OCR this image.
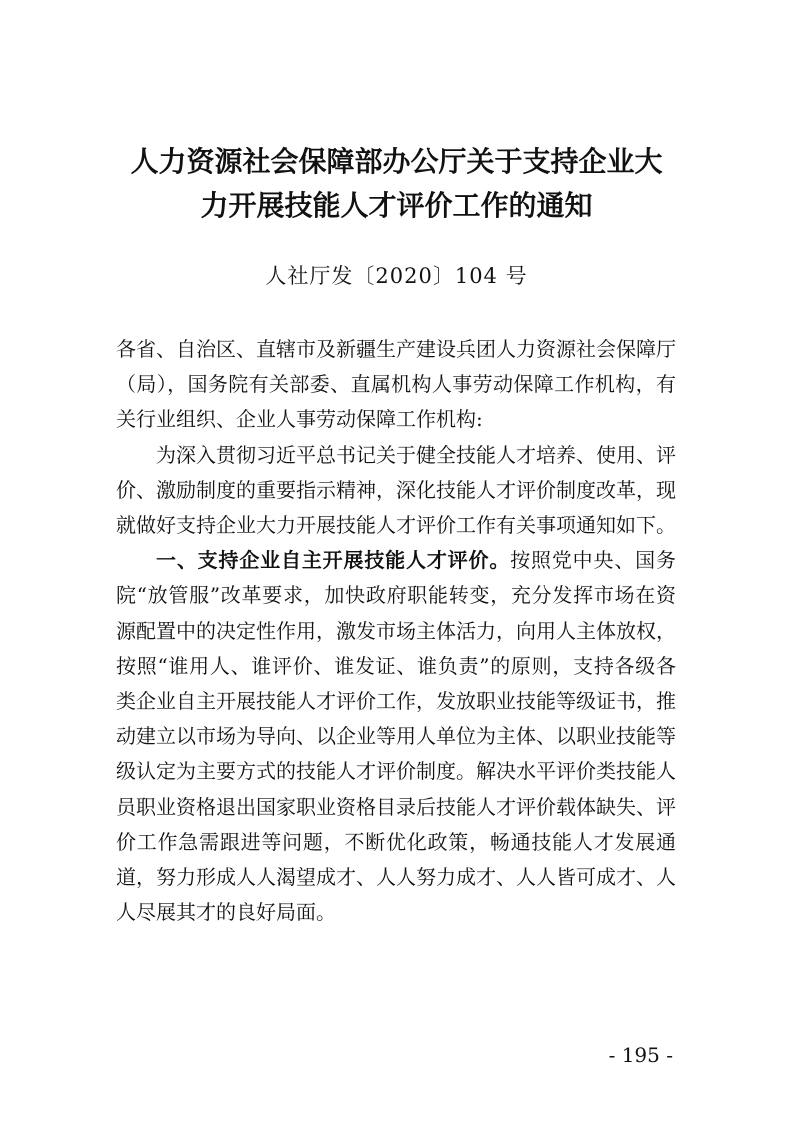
人力资源社会保障部办公厅关于支持企业大
力开展技能人才评价工作的通知
人社厅发〔2020〕104 号

各省、自治区、直辖市及新疆生产建设兵团人力资源社会保障厅（局），国务院有关部委、直属机构人事劳动保障工作机构，有关行业组织、企业人事劳动保障工作机构:

为深入贯彻习近平总书记关于健全技能人才培养、使用、评价、激励制度的重要指示精神，深化技能人才评价制度改革，现就做好支持企业大力开展技能人才评价工作有关事项通知如下。

一、支持企业自主开展技能人才评价。按照党中央、国务院“放管服”改革要求，加快政府职能转变，充分发挥市场在资源配置中的决定性作用，激发市场主体活力，向用人主体放权，按照“谁用人、谁评价、谁发证、谁负责”的原则，支持各级各类企业自主开展技能人才评价工作，发放职业技能等级证书，推动建立以市场为导向、以企业等用人单位为主体、以职业技能等级认定为主要方式的技能人才评价制度。解决水平评价类技能人员职业资格退出国家职业资格目录后技能人才评价载体缺失、评价工作急需跟进等问题，不断优化政策，畅通技能人才发展通道，努力形成人人渴望成才、人人努力成才、人人皆可成才、人人尽展其才的良好局面。

- 195 -
